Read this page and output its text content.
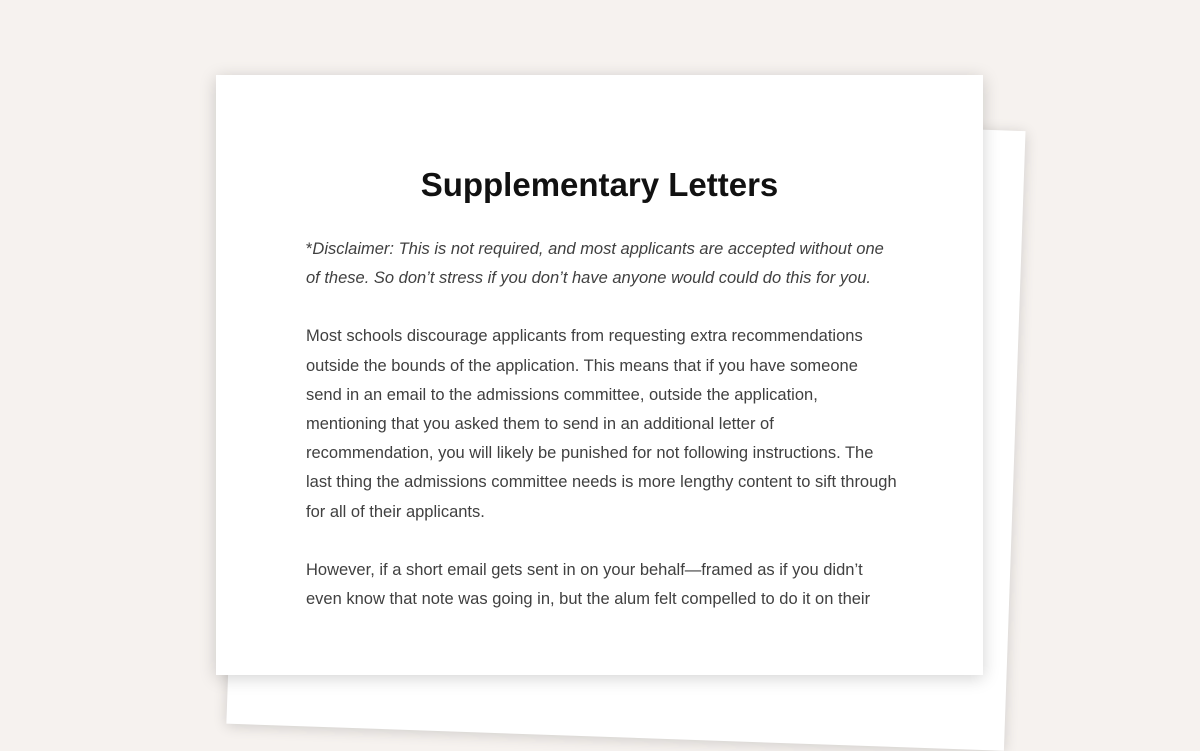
Supplementary Letters

*Disclaimer: This is not required, and most applicants are accepted without one of these. So don’t stress if you don’t have anyone would could do this for you.

Most schools discourage applicants from requesting extra recommendations outside the bounds of the application. This means that if you have someone send in an email to the admissions committee, outside the application, mentioning that you asked them to send in an additional letter of recommendation, you will likely be punished for not following instructions. The last thing the admissions committee needs is more lengthy content to sift through for all of their applicants.

However, if a short email gets sent in on your behalf—framed as if you didn’t even know that note was going in, but the alum felt compelled to do it on their
